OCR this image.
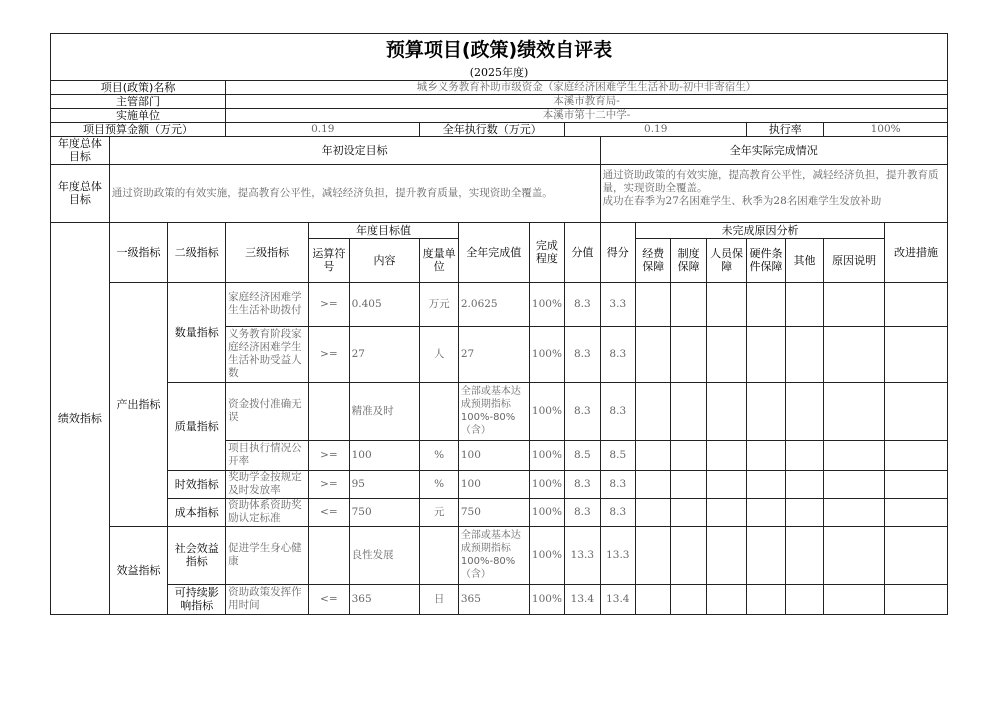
预算项目(政策)绩效自评表																	
(2025年度)																	
项目(政策)名称			城乡义务教育补助市级资金（家庭经济困难学生生活补助-初中非寄宿生）														
主管部门			本溪市教育局-														
实施单位			本溪市第十二中学-														
项目预算金额（万元）			0.19			全年执行数（万元）			0.19					执行率		100%	
年度总体目标	年初设定目标									全年实际完成情况							
年度总体目标	通过资助政策的有效实施，提高教育公平性，减轻经济负担，提升教育质量，实现资助全覆盖。									通过资助政策的有效实施，提高教育公平性，减轻经济负担，提升教育质量，实现资助全覆盖。
成功在春季为27名困难学生、秋季为28名困难学生发放补助							

绩效指标	一级指标	二级指标	三级指标	年度目标值			全年完成值	完成程度	分值	得分	未完成原因分析						改进措施
				运算符号	内容	度量单位					经费保障	制度保障	人员保障	硬件条件保障	其他	原因说明	

	产出指标	数量指标	家庭经济困难学生生活补助拨付	>=	0.405	万元	2.0625	100%	8.3	3.3							
			义务教育阶段家庭经济困难学生生活补助受益人数	>=	27	人	27	100%	8.3	8.3							
		质量指标	资金拨付准确无误		精准及时		全部或基本达成预期指标100%-80%（含）	100%	8.3	8.3							
			项目执行情况公开率	>=	100	%	100	100%	8.5	8.5							
		时效指标	奖助学金按规定及时发放率	>=	95	%	100	100%	8.3	8.3							
		成本指标	资助体系资助奖励认定标准	<=	750	元	750	100%	8.3	8.3							

	效益指标	社会效益指标	促进学生身心健康		良性发展		全部或基本达成预期指标100%-80%（含）	100%	13.3	13.3							
		可持续影响指标	资助政策发挥作用时间	<=	365	日	365	100%	13.4	13.4							
